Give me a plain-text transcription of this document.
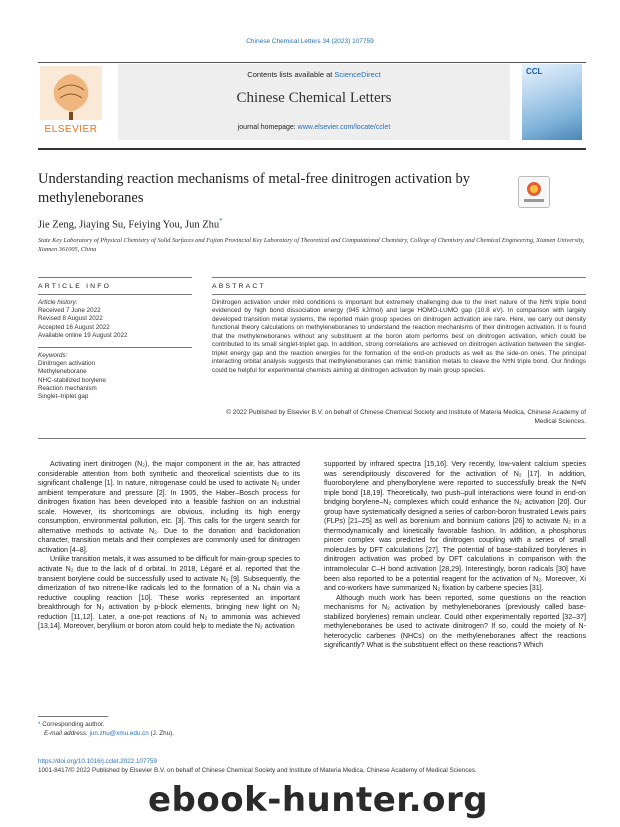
Chinese Chemical Letters 34 (2023) 107759
ELSEVIER
Contents lists available at ScienceDirect
Chinese Chemical Letters
journal homepage: www.elsevier.com/locate/cclet
CCL
Understanding reaction mechanisms of metal-free dinitrogen activation by methyleneboranes
Jie Zeng, Jiaying Su, Feiying You, Jun Zhu*
State Key Laboratory of Physical Chemistry of Solid Surfaces and Fujian Provincial Key Laboratory of Theoretical and Computational Chemistry, College of Chemistry and Chemical Engineering, Xiamen University, Xiamen 361005, China
ARTICLE INFO	ABSTRACT
Article history:
Received 7 June 2022
Revised 8 August 2022
Accepted 16 August 2022
Available online 19 August 2022
Keywords:
Dinitrogen activation
Methyleneborane
NHC-stabilized borylene
Reaction mechanism
Singlet–triplet gap
Dinitrogen activation under mild conditions is important but extremely challenging due to the inert nature of the N≡N triple bond evidenced by high bond dissociation energy (945 kJ/mol) and large HOMO-LUMO gap (10.8 eV). In comparison with largely developed transition metal systems, the reported main group species on dinitrogen activation are rare. Here, we carry out density functional theory calculations on methyleneboranes to understand the reaction mechanisms of their dinitrogen activation. It is found that the methyleneboranes without any substituent at the boron atom performs best on dinitrogen activation, which could be contributed to its small singlet-triplet gap. In addition, strong correlations are achieved on dinitrogen activation between the singlet-triplet energy gap and the reaction energies for the formation of the end-on products as well as the side-on ones. The principal interacting orbital analysis suggests that methyleneboranes can mimic transition metals to cleave the N≡N triple bond. Our findings could be helpful for experimental chemists aiming at dinitrogen activation by main group species.
© 2022 Published by Elsevier B.V. on behalf of Chinese Chemical Society and Institute of Materia Medica, Chinese Academy of Medical Sciences.

Activating inert dinitrogen (N₂), the major component in the air, has attracted considerable attention from both synthetic and theoretical scientists due to its significant challenge [1]. In nature, nitrogenase could be used to activate N₂ under ambient temperature and pressure [2]. In 1905, the Haber–Bosch process for dinitrogen fixation has been developed into a feasible fashion on an industrial scale. However, its shortcomings are obvious, including its high energy consumption, environmental pollution, etc. [3]. This calls for the urgent search for alternative methods to activate N₂. Due to the donation and backdonation character, transition metals and their complexes are commonly used for dinitrogen activation [4–8].

Unlike transition metals, it was assumed to be difficult for main-group species to activate N₂ due to the lack of d orbital. In 2018, Légaré et al. reported that the transient borylene could be successfully used to activate N₂ [9]. Subsequently, the dimerization of two nitrene-like radicals led to the formation of a N₄ chain via a reductive coupling reaction [10]. These works represented an important breakthrough for N₂ activation by p-block elements, bringing new light on N₂ reduction [11,12]. Later, a one-pot reactions of N₂ to ammonia was achieved [13,14]. Moreover, beryllium or boron atom could help to mediate the N₂ activation

supported by infrared spectra [15,16]. Very recently, low-valent calcium species was serendipitously discovered for the activation of N₂ [17]. In addition, fluoroborylene and phenylborylene were reported to successfully break the N≡N triple bond [18,19]. Theoretically, two push–pull interactions were found in end-on bridging borylene–N₂ complexes which could enhance the N₂ activation [20]. Our group have systematically designed a series of carbon-boron frustrated Lewis pairs (FLPs) [21–25] as well as borenium and borinium cations [26] to activate N₂ in a thermodynamically and kinetically favorable fashion. In addition, a phosphorus pincer complex was predicted for dinitrogen coupling with a series of small molecules by DFT calculations [27]. The potential of base-stabilized borylenes in dinitrogen activation was probed by DFT calculations in comparison with the intramolecular C–H bond activation [28,29]. Interestingly, boron radicals [30] have been also reported to be a potential reagent for the activation of N₂. Moreover, Xi and co-workers have summarized N₂ fixation by carbene species [31].

Although much work has been reported, some questions on the reaction mechanisms for N₂ activation by methyleneboranes (previously called base-stabilized borylenes) remain unclear. Could other experimentally reported [32–37] methyleneboranes be used to activate dinitrogen? If so, could the moiety of N-heterocyclic carbenes (NHCs) on the methyleneboranes affect the reactions significantly? What is the substituent effect on these reactions? Which

* Corresponding author.
E-mail address: jun.zhu@xmu.edu.cn (J. Zhu).
https://doi.org/10.1016/j.cclet.2022.107759
1001-8417/© 2022 Published by Elsevier B.V. on behalf of Chinese Chemical Society and Institute of Materia Medica, Chinese Academy of Medical Sciences.
ebook-hunter.org
